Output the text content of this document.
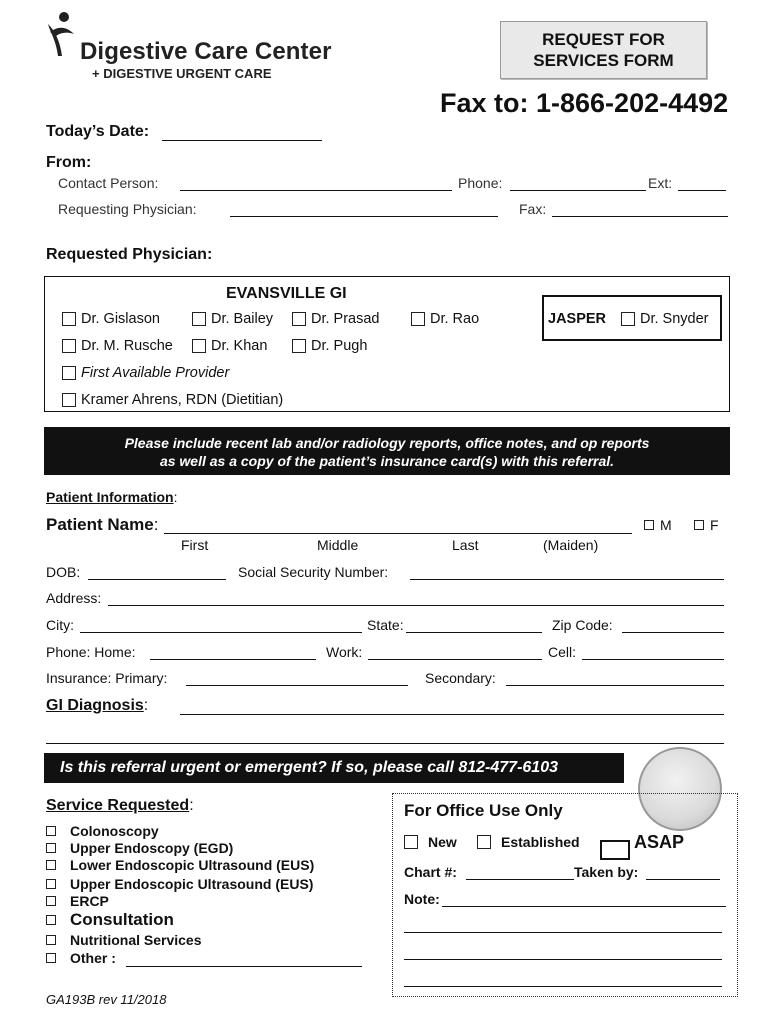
Digestive Care Center
+ DIGESTIVE URGENT CARE
REQUEST FOR
SERVICES FORM
Fax to: 1-866-202-4492
Today’s Date:
From:
Contact Person:	Phone:	Ext:
Requesting Physician:	Fax:
Requested Physician:
EVANSVILLE GI
Dr. Gislason	Dr. Bailey	Dr. Prasad	Dr. Rao
Dr. M. Rusche	Dr. Khan	Dr. Pugh
First Available Provider
Kramer Ahrens, RDN (Dietitian)
JASPER Dr. Snyder
Please include recent lab and/or radiology reports, office notes, and op reports
as well as a copy of the patient’s insurance card(s) with this referral.
Patient Information:
Patient Name:	M	F
First	Middle	Last	(Maiden)
DOB:	Social Security Number:
Address:
City:	State:	Zip Code:
Phone: Home:	Work:	Cell:
Insurance: Primary:	Secondary:
GI Diagnosis:
Is this referral urgent or emergent? If so, please call 812-477-6103
Service Requested:
Colonoscopy
Upper Endoscopy (EGD)
Lower Endoscopic Ultrasound (EUS)
Upper Endoscopic Ultrasound (EUS)
ERCP
Consultation
Nutritional Services
Other :
For Office Use Only
New	Established	ASAP
Chart #:	Taken by:
Note:
GA193B rev 11/2018
